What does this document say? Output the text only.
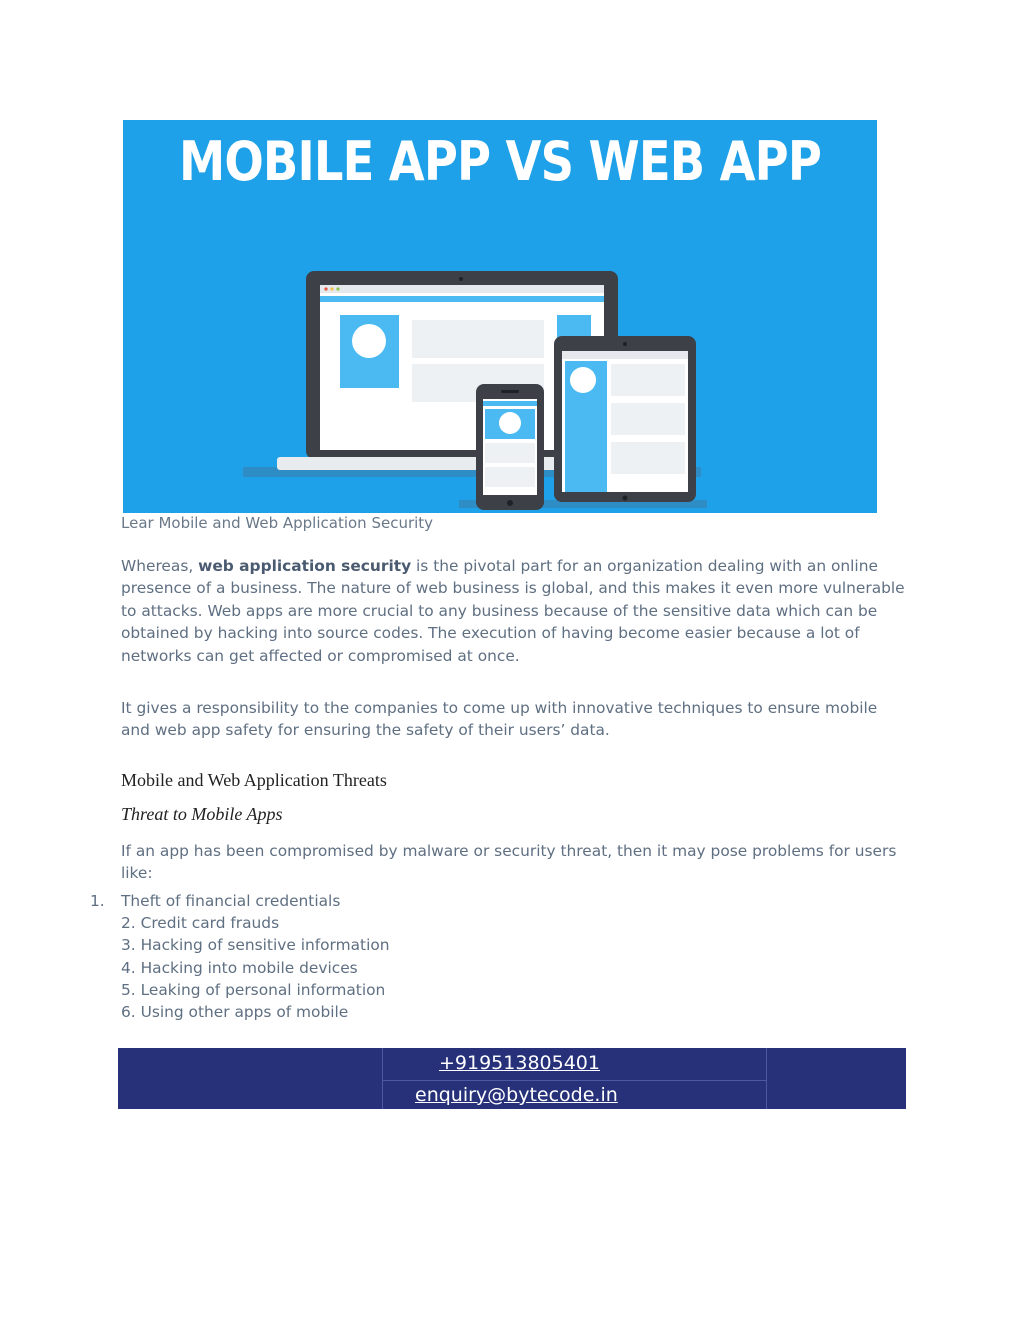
MOBILE APP VS WEB APP
Lear Mobile and Web Application Security
Whereas, web application security is the pivotal part for an organization dealing with an online presence of a business. The nature of web business is global, and this makes it even more vulnerable to attacks. Web apps are more crucial to any business because of the sensitive data which can be obtained by hacking into source codes. The execution of having become easier because a lot of networks can get affected or compromised at once.
It gives a responsibility to the companies to come up with innovative techniques to ensure mobile and web app safety for ensuring the safety of their users’ data.
Mobile and Web Application Threats
Threat to Mobile Apps
If an app has been compromised by malware or security threat, then it may pose problems for users like:
1. Theft of financial credentials
2. Credit card frauds
3. Hacking of sensitive information
4. Hacking into mobile devices
5. Leaking of personal information
6. Using other apps of mobile
+919513805401
enquiry@bytecode.in
